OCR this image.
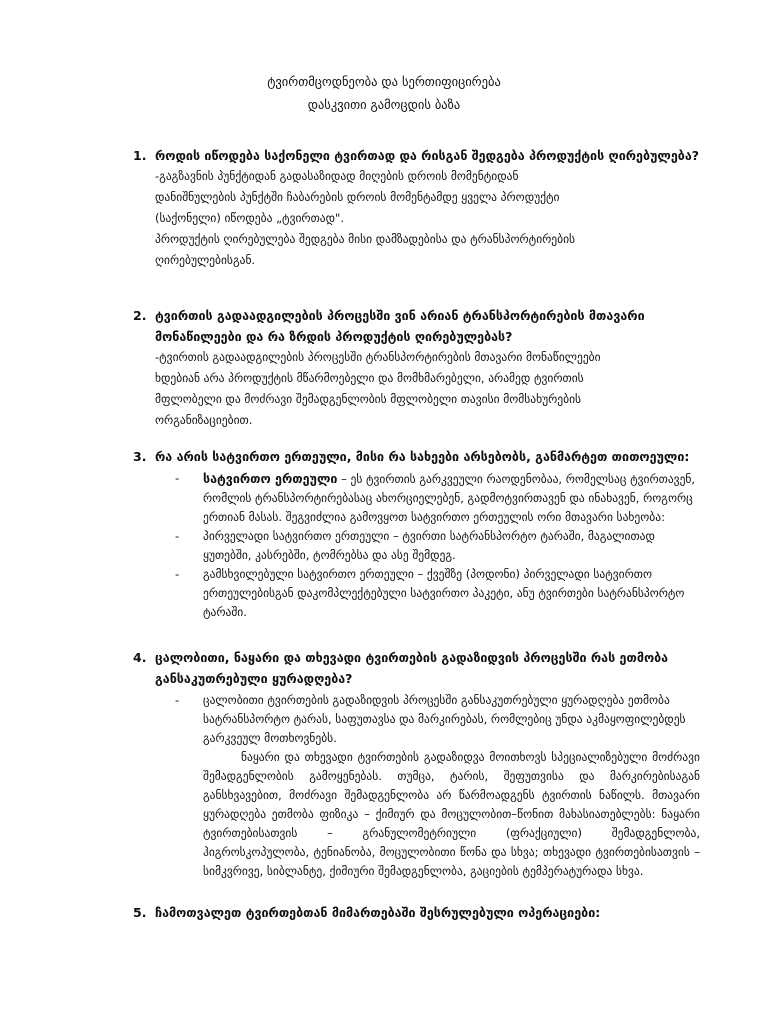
ტვირთმცოდნეობა და სერთიფიცირება
დასკვითი გამოცდის ბაზა
1. როდის იწოდება საქონელი ტვირთად და რისგან შედგება პროდუქტის ღირებულება?
-გაგზავნის პუნქტიდან გადასაზიდად მიღების დროის მომენტიდან
დანიშნულების პუნქტში ჩაბარების დროის მომენტამდე ყველა პროდუქტი
(საქონელი) იწოდება „ტვირთად".
პროდუქტის ღირებულება შედგება მისი დამზადებისა და ტრანსპორტირების
ღირებულებისგან.
2. ტვირთის გადაადგილების პროცესში ვინ არიან ტრანსპორტირების მთავარი მონაწილეები და რა ზრდის პროდუქტის ღირებულებას?
-ტვირთის გადაადგილების პროცესში ტრანსპორტირების მთავარი მონაწილეები
ხდებიან არა პროდუქტის მწარმოებელი და მომხმარებელი, არამედ ტვირთის
მფლობელი და მოძრავი შემადგენლობის მფლობელი თავისი მომსახურების
ორგანიზაციებით.
3. რა არის სატვირთო ერთეული, მისი რა სახეები არსებობს, განმარტეთ თითოეული:
- სატვირთო ერთეული – ეს ტვირთის გარკვეული რაოდენობაა, რომელსაც ტვირთავენ, რომლის ტრანსპორტირებასაც ახორციელებენ, გადმოტვირთავენ და ინახავენ, როგორც ერთიან მასას. შეგვიძლია გამოვყოთ სატვირთო ერთეულის ორი მთავარი სახეობა:
- პირველადი სატვირთო ერთეული – ტვირთი სატრანსპორტო ტარაში, მაგალითად ყუთებში, კასრებში, ტომრებსა და ასე შემდეგ.
- გამსხვილებული სატვირთო ერთეული – ქვეშზე (პოდონი) პირველადი სატვირთო ერთეულებისგან დაკომპლექტებული სატვირთო პაკეტი, ანუ ტვირთები სატრანსპორტო ტარაში.
4. ცალობითი, ნაყარი და თხევადი ტვირთების გადაზიდვის პროცესში რას ეთმობა განსაკუთრებული ყურადღება?
- ცალობითი ტვირთების გადაზიდვის პროცესში განსაკუთრებული ყურადღება ეთმობა სატრანსპორტო ტარას, საფუთავსა და მარკირებას, რომლებიც უნდა აკმაყოფილებდეს გარკვეულ მოთხოვნებს.
ნაყარი და თხევადი ტვირთების გადაზიდვა მოითხოვს სპეციალიზებული მოძრავი შემადგენლობის გამოყენებას. თუმცა, ტარის, შეფუთვისა და მარკირებისაგან განსხვავებით, მოძრავი შემადგენლობა არ წარმოადგენს ტვირთის ნაწილს. მთავარი ყურადღება ეთმობა ფიზიკა – ქიმიურ და მოცულობით–წონით მახასიათებლებს: ნაყარი ტვირთებისათვის – გრანულომეტრიული (ფრაქციული) შემადგენლობა, ჰიგროსკოპულობა, ტენიანობა, მოცულობითი წონა და სხვა; თხევადი ტვირთებისათვის – სიმკვრივე, სიბლანტე, ქიმიური შემადგენლობა, გაციების ტემპერატურადა სხვა.
5. ჩამოთვალეთ ტვირთებთან მიმართებაში შესრულებული ოპერაციები:
